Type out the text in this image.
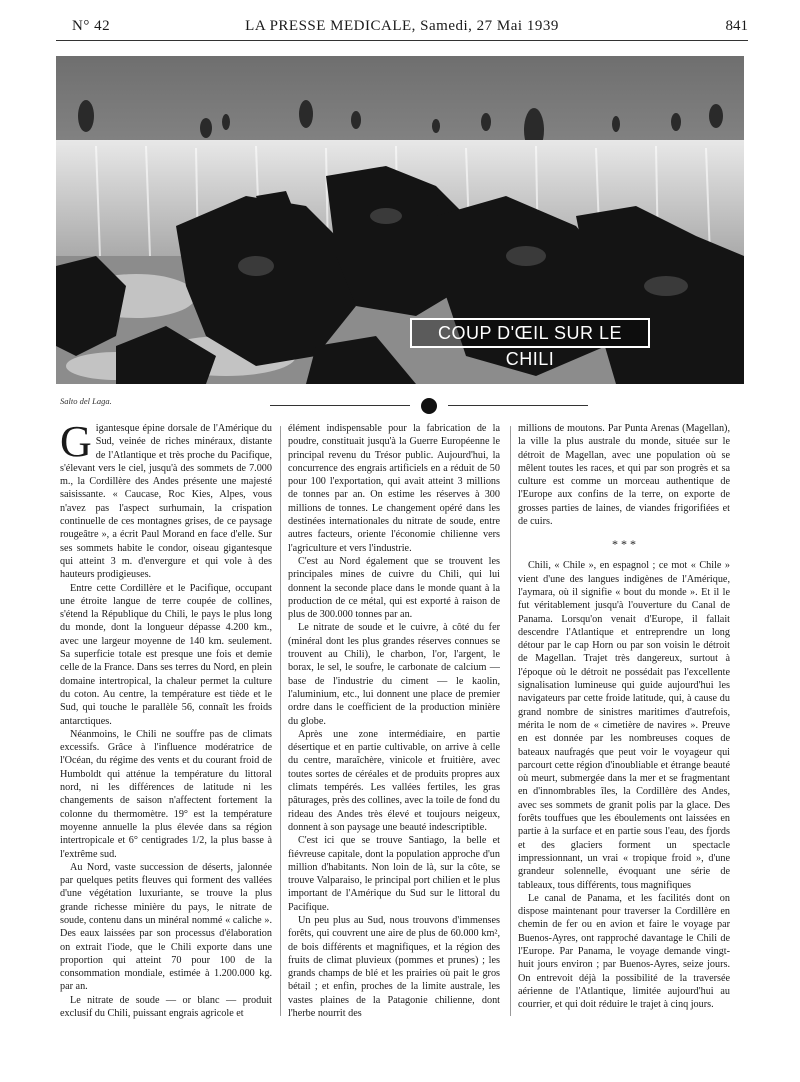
N° 42	LA PRESSE MEDICALE, Samedi, 27 Mai 1939	841
COUP D'ŒIL SUR LE CHILI
Salto del Laga.

Gigantesque épine dorsale de l'Amérique du Sud, veinée de riches minéraux, distante de l'Atlantique et très proche du Pacifique, s'élevant vers le ciel, jusqu'à des sommets de 7.000 m., la Cordillère des Andes présente une majesté saisissante. « Caucase, Roc Kies, Alpes, vous n'avez pas l'aspect surhumain, la crispation continuelle de ces montagnes grises, de ce paysage rougeâtre », a écrit Paul Morand en face d'elle. Sur ses sommets habite le condor, oiseau gigantesque qui atteint 3 m. d'envergure et qui vole à des hauteurs prodigieuses.

Entre cette Cordillère et le Pacifique, occupant une étroite langue de terre coupée de collines, s'étend la République du Chili, le pays le plus long du monde, dont la longueur dépasse 4.200 km., avec une largeur moyenne de 140 km. seulement. Sa superficie totale est presque une fois et demie celle de la France. Dans ses terres du Nord, en plein domaine intertropical, la chaleur permet la culture du coton. Au centre, la température est tiède et le Sud, qui touche le parallèle 56, connaît les froids antarctiques.

Néanmoins, le Chili ne souffre pas de climats excessifs. Grâce à l'influence modératrice de l'Océan, du régime des vents et du courant froid de Humboldt qui atténue la température du littoral nord, ni les différences de latitude ni les changements de saison n'affectent fortement la colonne du thermomètre. 19° est la température moyenne annuelle la plus élevée dans sa région intertropicale et 6° centigrades 1/2, la plus basse à l'extrême sud.

Au Nord, vaste succession de déserts, jalonnée par quelques petits fleuves qui forment des vallées d'une végétation luxuriante, se trouve la plus grande richesse minière du pays, le nitrate de soude, contenu dans un minéral nommé « caliche ». Des eaux laissées par son processus d'élaboration on extrait l'iode, que le Chili exporte dans une proportion qui atteint 70 pour 100 de la consommation mondiale, estimée à 1.200.000 kg. par an.

Le nitrate de soude — or blanc — produit exclusif du Chili, puissant engrais agricole et

élément indispensable pour la fabrication de la poudre, constituait jusqu'à la Guerre Européenne le principal revenu du Trésor public. Aujourd'hui, la concurrence des engrais artificiels en a réduit de 50 pour 100 l'exportation, qui avait atteint 3 millions de tonnes par an. On estime les réserves à 300 millions de tonnes. Le changement opéré dans les destinées internationales du nitrate de soude, entre autres facteurs, oriente l'économie chilienne vers l'agriculture et vers l'industrie.

C'est au Nord également que se trouvent les principales mines de cuivre du Chili, qui lui donnent la seconde place dans le monde quant à la production de ce métal, qui est exporté à raison de plus de 300.000 tonnes par an.

Le nitrate de soude et le cuivre, à côté du fer (minéral dont les plus grandes réserves connues se trouvent au Chili), le charbon, l'or, l'argent, le borax, le sel, le soufre, le carbonate de calcium — base de l'industrie du ciment — le kaolin, l'aluminium, etc., lui donnent une place de premier ordre dans le coefficient de la production minière du globe.

Après une zone intermédiaire, en partie désertique et en partie cultivable, on arrive à celle du centre, maraîchère, vinicole et fruitière, avec toutes sortes de céréales et de produits propres aux climats tempérés. Les vallées fertiles, les gras pâturages, près des collines, avec la toile de fond du rideau des Andes très élevé et toujours neigeux, donnent à son paysage une beauté indescriptible.

C'est ici que se trouve Santiago, la belle et fiévreuse capitale, dont la population approche d'un million d'habitants. Non loin de là, sur la côte, se trouve Valparaiso, le principal port chilien et le plus important de l'Amérique du Sud sur le littoral du Pacifique.

Un peu plus au Sud, nous trouvons d'immenses forêts, qui couvrent une aire de plus de 60.000 km², de bois différents et magnifiques, et la région des fruits de climat pluvieux (pommes et prunes) ; les grands champs de blé et les prairies où pait le gros bétail ; et enfin, proches de la limite australe, les vastes plaines de la Patagonie chilienne, dont l'herbe nourrit des

millions de moutons. Par Punta Arenas (Magellan), la ville la plus australe du monde, située sur le détroit de Magellan, avec une population où se mêlent toutes les races, et qui par son progrès et sa culture est comme un morceau authentique de l'Europe aux confins de la terre, on exporte de grosses parties de laines, de viandes frigorifiées et de cuirs.

* * *

Chili, « Chile », en espagnol ; ce mot « Chile » vient d'une des langues indigènes de l'Amérique, l'aymara, où il signifie « bout du monde ». Et il le fut véritablement jusqu'à l'ouverture du Canal de Panama. Lorsqu'on venait d'Europe, il fallait descendre l'Atlantique et entreprendre un long détour par le cap Horn ou par son voisin le détroit de Magellan. Trajet très dangereux, surtout à l'époque où le détroit ne possédait pas l'excellente signalisation lumineuse qui guide aujourd'hui les navigateurs par cette froide latitude, qui, à cause du grand nombre de sinistres maritimes d'autrefois, mérita le nom de « cimetière de navires ». Preuve en est donnée par les nombreuses coques de bateaux naufragés que peut voir le voyageur qui parcourt cette région d'inoubliable et étrange beauté où meurt, submergée dans la mer et se fragmentant en d'innombrables îles, la Cordillère des Andes, avec ses sommets de granit polis par la glace. Des forêts touffues que les éboulements ont laissées en partie à la surface et en partie sous l'eau, des fjords et des glaciers forment un spectacle impressionnant, un vrai « tropique froid », d'une grandeur solennelle, évoquant une série de tableaux, tous différents, tous magnifiques

Le canal de Panama, et les facilités dont on dispose maintenant pour traverser la Cordillère en chemin de fer ou en avion et faire le voyage par Buenos-Ayres, ont rapproché davantage le Chili de l'Europe. Par Panama, le voyage demande vingt-huit jours environ ; par Buenos-Ayres, seize jours. On entrevoit déjà la possibilité de la traversée aérienne de l'Atlantique, limitée aujourd'hui au courrier, et qui doit réduire le trajet à cinq jours.
